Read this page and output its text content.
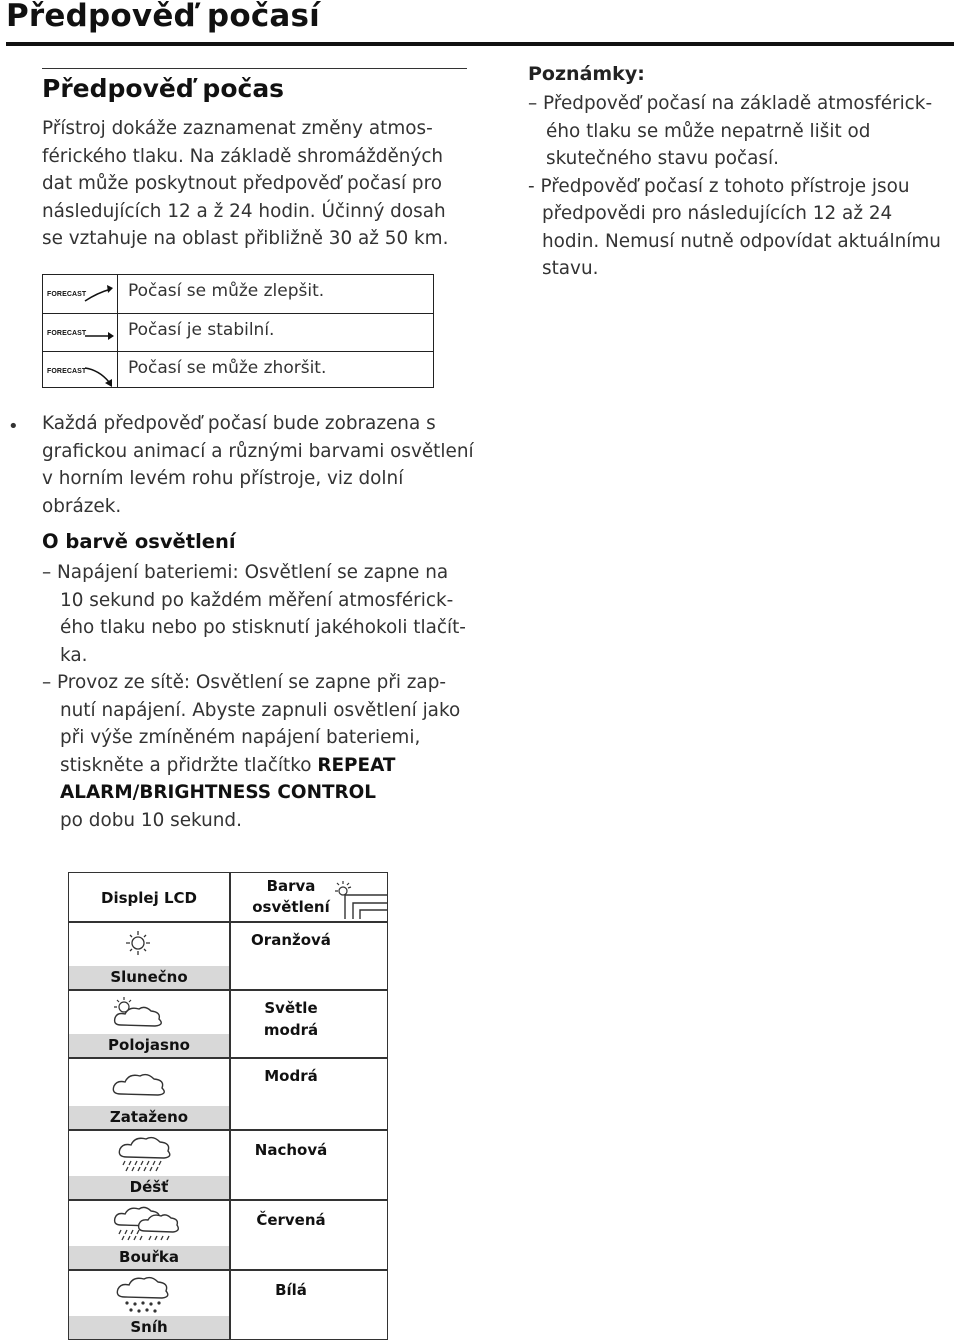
Předpověď počasí
Předpověď počas

Přístroj dokáže zaznamenat změny atmos-
férického tlaku. Na základě shromážděných
dat může poskytnout předpověď počasí pro
následujících 12 a ž 24 hodin. Účinný dosah
se vztahuje na oblast přibližně 30 až 50 km.

Poznámky:

– Předpověď počasí na základě atmosférick-
ého tlaku se může nepatrně lišit od
skutečného stavu počasí.
- Předpověď počasí z tohoto přístroje jsou
předpovědi pro následujících 12 až 24
hodin. Nemusí nutně odpovídat aktuálnímu
stavu.

FORECAST Počasí se může zlepšit.
FORECAST Počasí je stabilní.
FORECAST Počasí se může zhoršit.
• Každá předpověď počasí bude zobrazena s
grafickou animací a různými barvami osvětlení
v horním levém rohu přístroje, viz dolní
obrázek.

O barvě osvětlení

– Napájení bateriemi: Osvětlení se zapne na
10 sekund po každém měření atmosférick-
ého tlaku nebo po stisknutí jakéhokoli tlačít-
ka.
– Provoz ze sítě: Osvětlení se zapne při zap-
nutí napájení. Abyste zapnuli osvětlení jako
při výše zmíněném napájení bateriemi,
stiskněte a přidržte tlačítko REPEAT
ALARM/BRIGHTNESS CONTROL
po dobu 10 sekund.

Displej LCD
Barva
osvětlení
Slunečno
Oranžová
Polojasno
Světle
modrá
Zataženo
Modrá
Déšť
Nachová
Bouřka
Červená
Sníh
Bílá
